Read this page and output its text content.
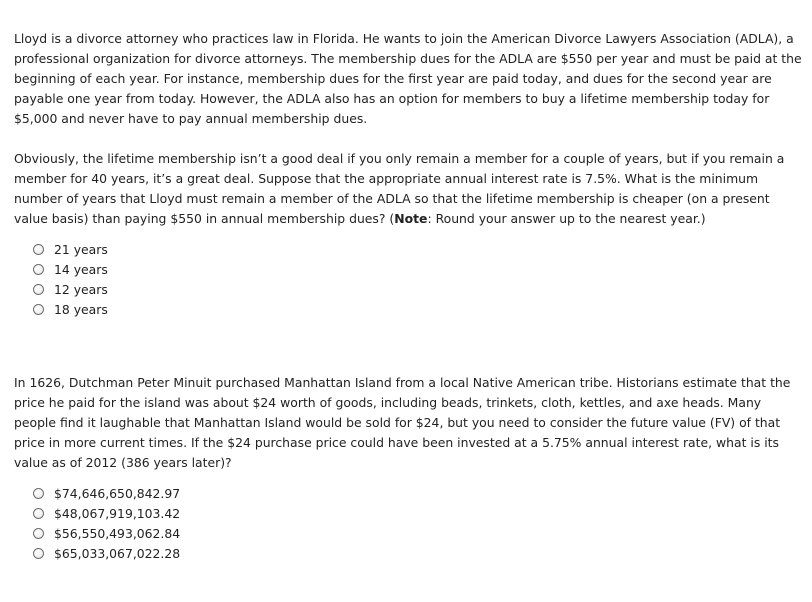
Lloyd is a divorce attorney who practices law in Florida. He wants to join the American Divorce Lawyers Association (ADLA), a professional organization for divorce attorneys. The membership dues for the ADLA are $550 per year and must be paid at the beginning of each year. For instance, membership dues for the first year are paid today, and dues for the second year are payable one year from today. However, the ADLA also has an option for members to buy a lifetime membership today for $5,000 and never have to pay annual membership dues.

Obviously, the lifetime membership isn’t a good deal if you only remain a member for a couple of years, but if you remain a member for 40 years, it’s a great deal. Suppose that the appropriate annual interest rate is 7.5%. What is the minimum number of years that Lloyd must remain a member of the ADLA so that the lifetime membership is cheaper (on a present value basis) than paying $550 in annual membership dues? (Note: Round your answer up to the nearest year.)

21 years
14 years
12 years
18 years

In 1626, Dutchman Peter Minuit purchased Manhattan Island from a local Native American tribe. Historians estimate that the price he paid for the island was about $24 worth of goods, including beads, trinkets, cloth, kettles, and axe heads. Many people find it laughable that Manhattan Island would be sold for $24, but you need to consider the future value (FV) of that price in more current times. If the $24 purchase price could have been invested at a 5.75% annual interest rate, what is its value as of 2012 (386 years later)?

$74,646,650,842.97
$48,067,919,103.42
$56,550,493,062.84
$65,033,067,022.28
